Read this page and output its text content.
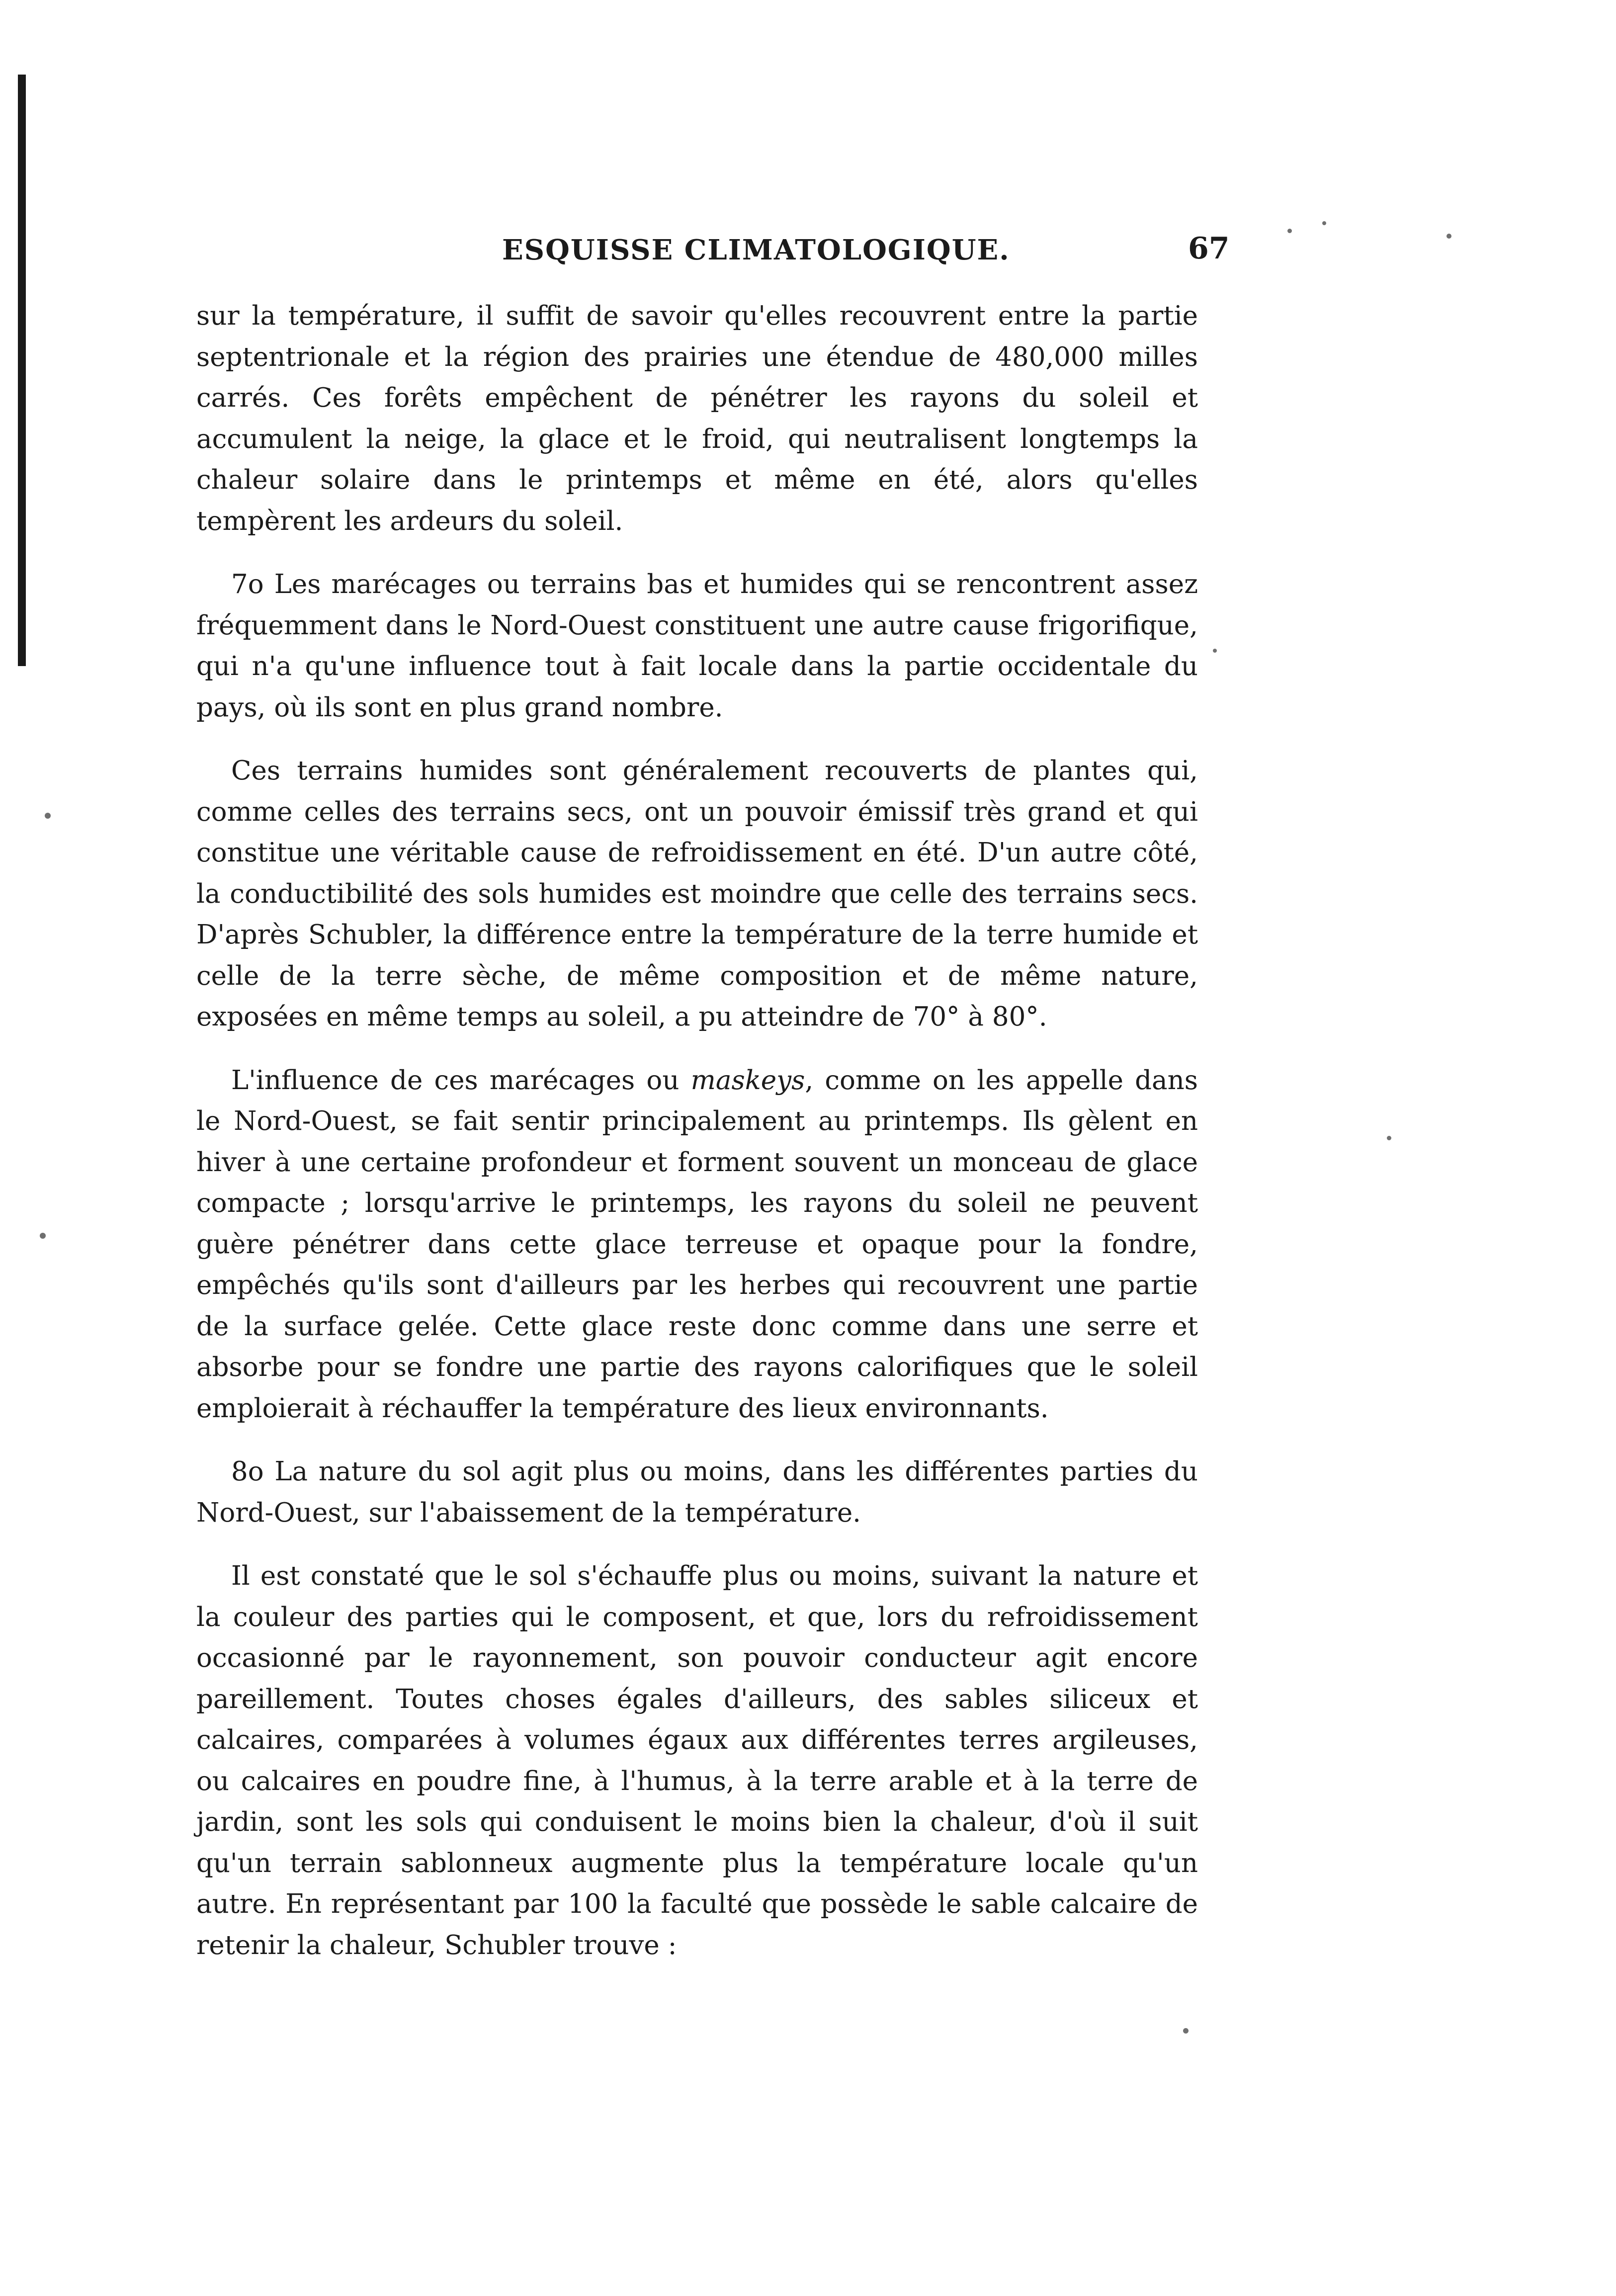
ESQUISSE CLIMATOLOGIQUE.	67

sur la température, il suffit de savoir qu'elles recouvrent entre la partie septentrionale et la région des prairies une étendue de 480,000 milles carrés. Ces forêts empêchent de pénétrer les rayons du soleil et accumulent la neige, la glace et le froid, qui neutralisent longtemps la chaleur solaire dans le printemps et même en été, alors qu'elles tempèrent les ardeurs du soleil.

7o Les marécages ou terrains bas et humides qui se rencontrent assez fréquemment dans le Nord-Ouest constituent une autre cause frigorifique, qui n'a qu'une influence tout à fait locale dans la partie occidentale du pays, où ils sont en plus grand nombre.

Ces terrains humides sont généralement recouverts de plantes qui, comme celles des terrains secs, ont un pouvoir émissif très grand et qui constitue une véritable cause de refroidissement en été. D'un autre côté, la conductibilité des sols humides est moindre que celle des terrains secs. D'après Schubler, la différence entre la température de la terre humide et celle de la terre sèche, de même composition et de même nature, exposées en même temps au soleil, a pu atteindre de 70° à 80°.

L'influence de ces marécages ou maskeys, comme on les appelle dans le Nord-Ouest, se fait sentir principalement au printemps. Ils gèlent en hiver à une certaine profondeur et forment souvent un monceau de glace compacte ; lorsqu'arrive le printemps, les rayons du soleil ne peuvent guère pénétrer dans cette glace terreuse et opaque pour la fondre, empêchés qu'ils sont d'ailleurs par les herbes qui recouvrent une partie de la surface gelée. Cette glace reste donc comme dans une serre et absorbe pour se fondre une partie des rayons calorifiques que le soleil emploierait à réchauffer la température des lieux environnants.

8o La nature du sol agit plus ou moins, dans les différentes parties du Nord-Ouest, sur l'abaissement de la température.

Il est constaté que le sol s'échauffe plus ou moins, suivant la nature et la couleur des parties qui le composent, et que, lors du refroidissement occasionné par le rayonnement, son pouvoir conducteur agit encore pareillement. Toutes choses égales d'ailleurs, des sables siliceux et calcaires, comparées à volumes égaux aux différentes terres argileuses, ou calcaires en poudre fine, à l'humus, à la terre arable et à la terre de jardin, sont les sols qui conduisent le moins bien la chaleur, d'où il suit qu'un terrain sablonneux augmente plus la température locale qu'un autre. En représentant par 100 la faculté que possède le sable calcaire de retenir la chaleur, Schubler trouve :
